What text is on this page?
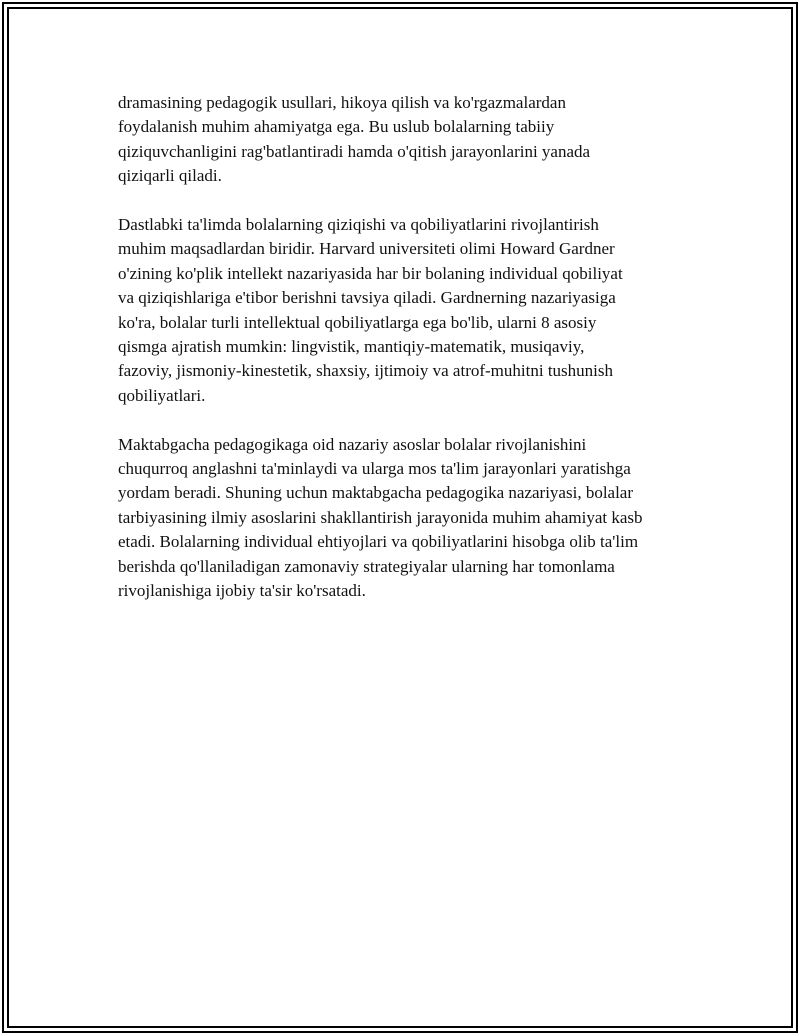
dramasining pedagogik usullari, hikoya qilish va ko'rgazmalardan
foydalanish muhim ahamiyatga ega. Bu uslub bolalarning tabiiy
qiziquvchanligini rag'batlantiradi hamda o'qitish jarayonlarini yanada
qiziqarli qiladi.

Dastlabki ta'limda bolalarning qiziqishi va qobiliyatlarini rivojlantirish
muhim maqsadlardan biridir. Harvard universiteti olimi Howard Gardner
o'zining ko'plik intellekt nazariyasida har bir bolaning individual qobiliyat
va qiziqishlariga e'tibor berishni tavsiya qiladi. Gardnerning nazariyasiga
ko'ra, bolalar turli intellektual qobiliyatlarga ega bo'lib, ularni 8 asosiy
qismga ajratish mumkin: lingvistik, mantiqiy-matematik, musiqaviy,
fazoviy, jismoniy-kinestetik, shaxsiy, ijtimoiy va atrof-muhitni tushunish
qobiliyatlari.

Maktabgacha pedagogikaga oid nazariy asoslar bolalar rivojlanishini
chuqurroq anglashni ta'minlaydi va ularga mos ta'lim jarayonlari yaratishga
yordam beradi. Shuning uchun maktabgacha pedagogika nazariyasi, bolalar
tarbiyasining ilmiy asoslarini shakllantirish jarayonida muhim ahamiyat kasb
etadi. Bolalarning individual ehtiyojlari va qobiliyatlarini hisobga olib ta'lim
berishda qo'llaniladigan zamonaviy strategiyalar ularning har tomonlama
rivojlanishiga ijobiy ta'sir ko'rsatadi.
